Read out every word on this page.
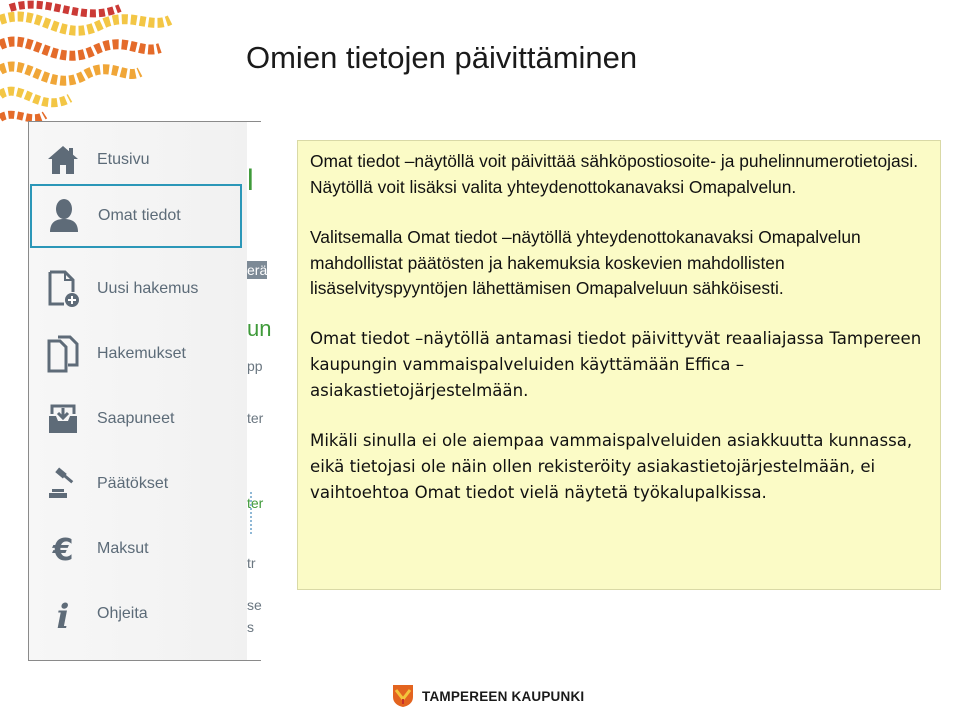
Omien tietojen päivittäminen
Etusivu
Omat tiedot
Uusi hakemus
Hakemukset
Saapuneet
Päätökset
€ Maksut
i Ohjeita
l
erä
un
pp
ter
ter
tr
se
s

Omat tiedot –näytöllä voit päivittää sähköpostiosoite- ja puhelinnumerotietojasi. Näytöllä voit lisäksi valita yhteydenottokanavaksi Omapalvelun.

Valitsemalla Omat tiedot –näytöllä yhteydenottokanavaksi Omapalvelun mahdollistat päätösten ja hakemuksia koskevien mahdollisten lisäselvityspyyntöjen lähettämisen Omapalveluun sähköisesti.

Omat tiedot –näytöllä antamasi tiedot päivittyvät reaaliajassa Tampereen kaupungin vammaispalveluiden käyttämään Effica –asiakastietojärjestelmään.

Mikäli sinulla ei ole aiempaa vammaispalveluiden asiakkuutta kunnassa, eikä tietojasi ole näin ollen rekisteröity asiakastietojärjestelmään, ei vaihtoehtoa Omat tiedot vielä näytetä työkalupalkissa.

TAMPEREEN KAUPUNKI
